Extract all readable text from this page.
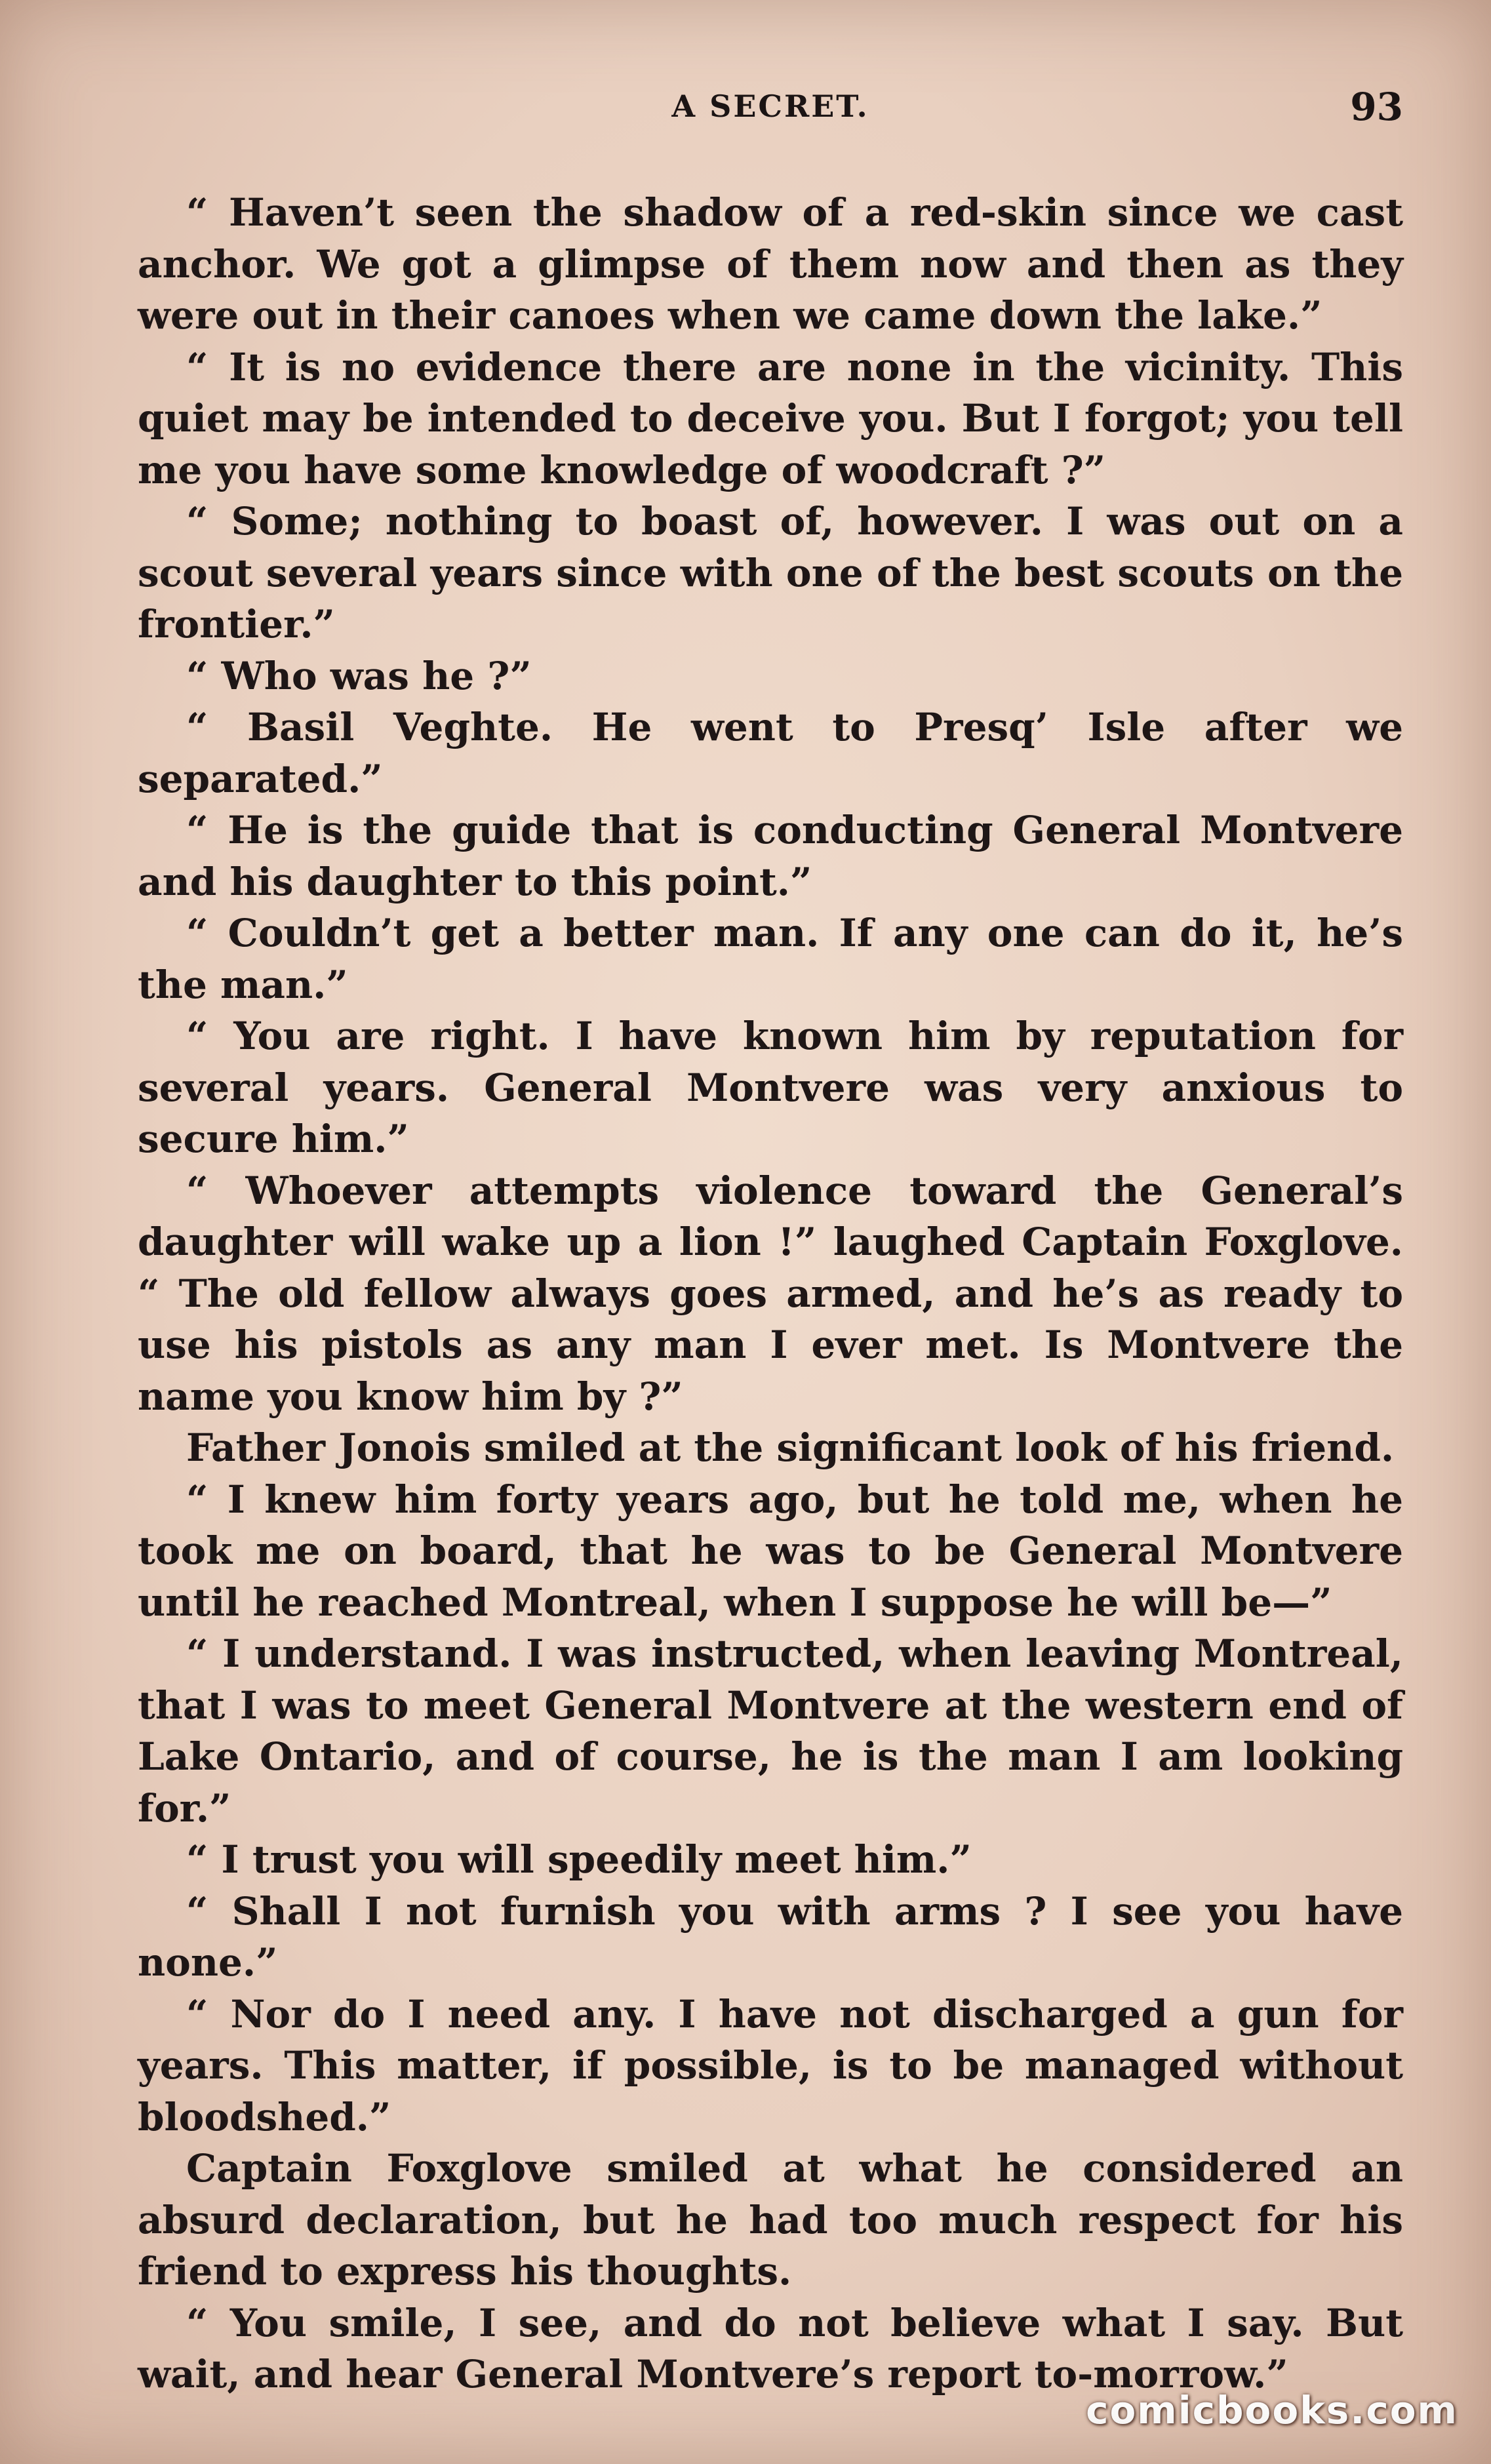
A SECRET.	93

“ Haven’t seen the shadow of a red-skin since we cast anchor. We got a glimpse of them now and then as they were out in their canoes when we came down the lake.”

“ It is no evidence there are none in the vicinity. This quiet may be intended to deceive you. But I forgot; you tell me you have some knowledge of woodcraft ?”

“ Some; nothing to boast of, however. I was out on a scout several years since with one of the best scouts on the frontier.”

“ Who was he ?”

“ Basil Veghte. He went to Presq’ Isle after we separated.”

“ He is the guide that is conducting General Montvere and his daughter to this point.”

“ Couldn’t get a better man. If any one can do it, he’s the man.”

“ You are right. I have known him by reputation for several years. General Montvere was very anxious to secure him.”

“ Whoever attempts violence toward the General’s daughter will wake up a lion !” laughed Captain Foxglove. “ The old fellow always goes armed, and he’s as ready to use his pistols as any man I ever met. Is Montvere the name you know him by ?”

Father Jonois smiled at the significant look of his friend.

“ I knew him forty years ago, but he told me, when he took me on board, that he was to be General Montvere until he reached Montreal, when I suppose he will be—”

“ I understand. I was instructed, when leaving Montreal, that I was to meet General Montvere at the western end of Lake Ontario, and of course, he is the man I am looking for.”

“ I trust you will speedily meet him.”

“ Shall I not furnish you with arms ? I see you have none.”

“ Nor do I need any. I have not discharged a gun for years. This matter, if possible, is to be managed without bloodshed.”

Captain Foxglove smiled at what he considered an absurd declaration, but he had too much respect for his friend to express his thoughts.

“ You smile, I see, and do not believe what I say. But wait, and hear General Montvere’s report to-morrow.”

comicbooks.com
